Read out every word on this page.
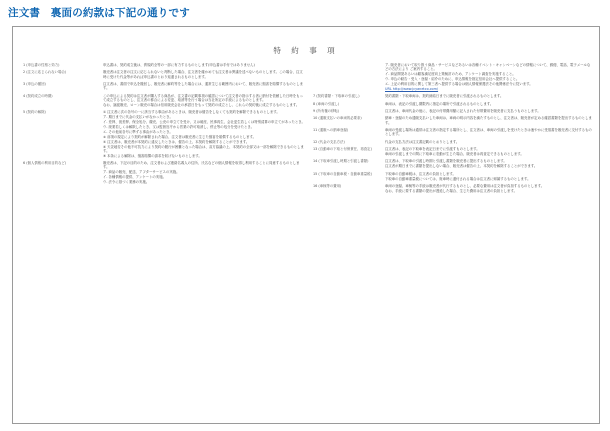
注文書　裏面の約款は下記の通りです
特 約 事 項
1 (申込書の性格と効力)	申込書は、契約成立後は、貴規約全等の一部に有力するものとします(申込書は手付ではありません)

2 (注文に応じられない場合)	販売者は注文者の注文に応じられないと判断した場合、注文者を確かめても注文者は異議を述べないものとします。この場合、注文時に受けた代金等があれば申込書のとおり返還されるものとします。

3 (申込の撤回)	注文者は、書面で申込を撤回し、販売者に解約等をした場合には、通常生じる範囲内において、販売者に損害を賠償するものとします。

4 (契約成立の時期)	この申込による契約は注文者が購入する商品が、注文書の記載事項の確認について注文者の指示する者に納付を依頼した日時をもって成立するものとし、注文者の都合による変更、取消等を行う場合は当社所定の手続によるものとします。

なお、譲渡販売、ローン販売の場合は信用販売会社の承認日をもって契約の成立とし、これらの契約後に成立するものとします。

5 (契約の解除)	① 注文者に次の各号の一に該当する事由があるときは、販売者は催告をしなくても契約を解除できるものとします。

ア. 期日までに代金の支払いがなかったとき。

イ. 差押、仮差押、保全処分、競売、公売の申立てを受け、又は破産、民事再生、会社更生若しくは特別清算の申立てがあったとき。

ウ. 廃業若しくは解散したとき、又は監督官庁から営業の許可取消し、停止等の処分を受けたとき。

エ. その他前各号に準ずる事由があったとき。

② 前項の規定により契約が解除された場合、注文者は販売者に生じた損害を賠償するものとします。

③ 注文者は、販売者が本契約に違反したときは、催告の上、本契約を解除することができます。

④ 天災地変その他不可抗力により契約の履行が困難となった場合は、双方協議の上、本契約の全部又は一部を解除できるものとします。

⑤ 本条による解除は、損害賠償の請求を妨げないものとします。

6 (個人情報の利用目的など)	販売者は、下記の目的のため、注文者および連絡名義人の住所、氏名などの個人情報を取得し利用することに同意するものとします。

ア. 商品の販売、配送、アフターサービスの実施。

イ. 各種情報の提供、アンケートの実施。

ウ. 法令に基づく業務の実施。

ア. 販売者において取り扱う商品・サービスなどあるいは各種イベント・キャンペーンなどの情報について、郵便、電話、電子メールなどの方法により ご案内すること。

イ. 商品開発あるいは顧客満足度向上策検討のため、アンケート調査を実施すること。

ウ. 申込の勧告・受入・登録・紹介のために、申込情報を指定信用会社へ提供すること。

エ. 上記の利用目的に関して第三者へ提供する場合は個人情報保護法その他関係法令に従います。

URL http://www.jcyanetco.com/

7 (契約書類・下取車の引渡し)	契約書類・下取車両は、契約締結日までに販売者に引渡されるものとします。

8 (車両の引渡し)	車両は、表記の引渡し期限内に指定の場所で引渡されるものとします。

9 (所有権の移転)	注文者は、車両代金の他に、表記の付帯費用額に記入された付帯費用を販売者に支払うものとします。

10 (通販支払いの車両的必要条)	納車・登録のため通販支払いした車両は、車両の明示内容を満たすものとし、注文者は、販売者が定める確認書類を提出するものとします。

11 (通販への納車登録)	車両の受渡し場所は通常は注文者の指定する場所とし、注文者は、車両の引渡しを受けたときは速やかに受領書を販売者に交付するものとします。

12 (代金の支払方法)	代金の支払方法は注文書記載のとおりとします。

13 (自動車の下取と付保責任、再査定)	注文者は、表記の下取車を表記日までに引渡すものとします。

車両の引渡しまでの間に下取車に変動が生じた場合、販売者は再査定できるものとします。

14 (下取車引渡し時期と引渡し書類)	注文者は、下取車の引渡し時期と引渡し書類を販売者に提出するものとします。

注文者が期日までに書類を提出しない場合、販売者は催告の上、本契約を解除することができます。

15 (下取車の自動車税・自動車重量税)	下取車の自動車税は、注文者の負担とします。

下取車の自動車重量税については、廃車時に還付される場合は注文者に帰属するものとします。

16 (車検等の費用)	車両の登録、車検等の手続は販売者が代行するものとし、必要な費用は注文者が負担するものとします。

なお、手続に要する書類の提出が遅延した場合、生じた費用は注文者の負担とします。
